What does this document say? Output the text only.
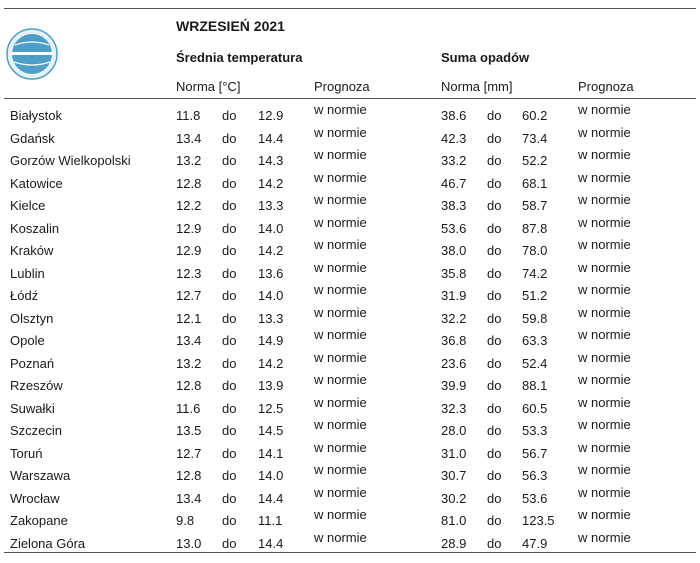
WRZESIEŃ 2021
Średnia temperatura	Suma opadów
Norma [°C]	Prognoza	Norma [mm]	Prognoza
Białystok	11.8 do 12.9 w normie	38.6 do 60.2 w normie
Gdańsk	13.4 do 14.4 w normie	42.3 do 73.4 w normie
Gorzów Wielkopolski	13.2 do 14.3 w normie	33.2 do 52.2 w normie
Katowice	12.8 do 14.2 w normie	46.7 do 68.1 w normie
Kielce	12.2 do 13.3 w normie	38.3 do 58.7 w normie
Koszalin	12.9 do 14.0 w normie	53.6 do 87.8 w normie
Kraków	12.9 do 14.2 w normie	38.0 do 78.0 w normie
Lublin	12.3 do 13.6 w normie	35.8 do 74.2 w normie
Łódź	12.7 do 14.0 w normie	31.9 do 51.2 w normie
Olsztyn	12.1 do 13.3 w normie	32.2 do 59.8 w normie
Opole	13.4 do 14.9 w normie	36.8 do 63.3 w normie
Poznań	13.2 do 14.2 w normie	23.6 do 52.4 w normie
Rzeszów	12.8 do 13.9 w normie	39.9 do 88.1 w normie
Suwałki	11.6 do 12.5 w normie	32.3 do 60.5 w normie
Szczecin	13.5 do 14.5 w normie	28.0 do 53.3 w normie
Toruń	12.7 do 14.1 w normie	31.0 do 56.7 w normie
Warszawa	12.8 do 14.0 w normie	30.7 do 56.3 w normie
Wrocław	13.4 do 14.4 w normie	30.2 do 53.6 w normie
Zakopane	9.8 do 11.1 w normie	81.0 do 123.5 w normie
Zielona Góra	13.0 do 14.4 w normie	28.9 do 47.9 w normie
